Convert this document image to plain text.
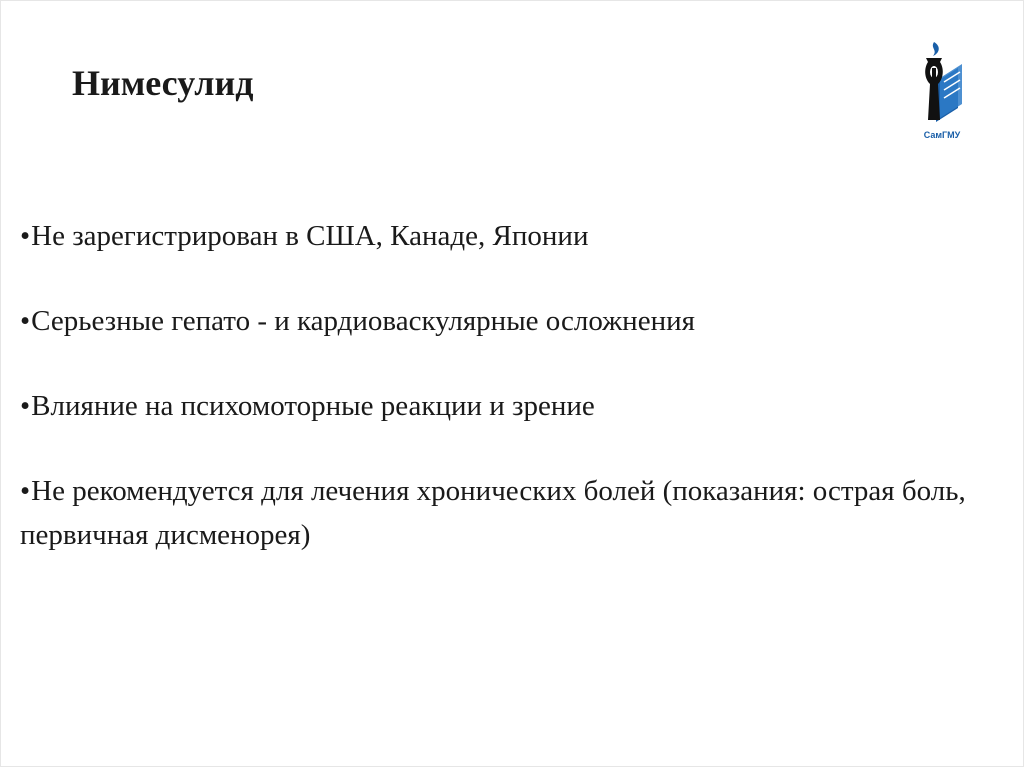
Нимесулид
СамГМУ
•Не зарегистрирован в США, Канаде, Японии
•Серьезные гепато - и кардиоваскулярные осложнения
•Влияние на психомоторные реакции и зрение
•Не рекомендуется для лечения хронических болей (показания: острая боль, первичная дисменорея)
